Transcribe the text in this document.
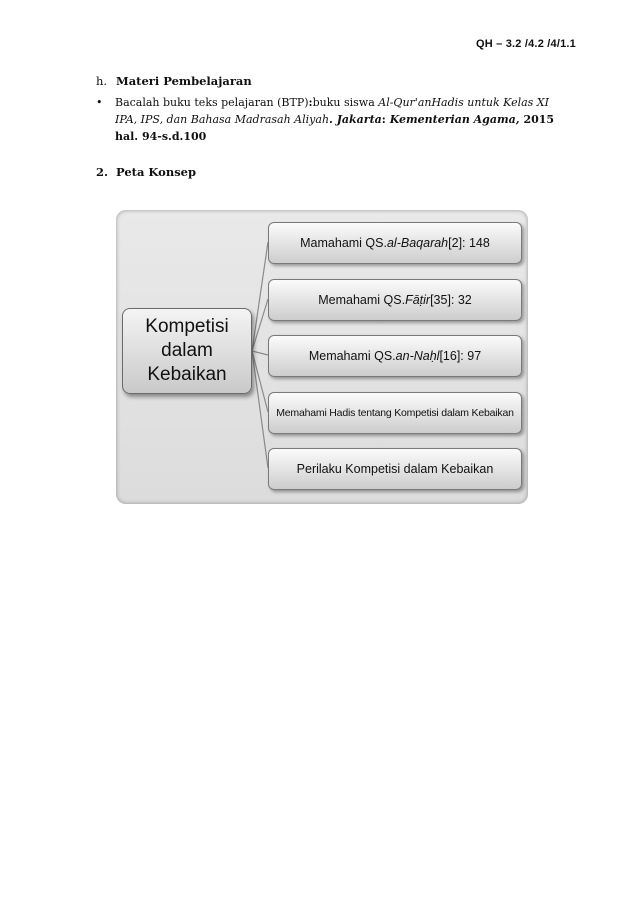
QH – 3.2 /4.2 /4/1.1
h. Materi Pembelajaran
• Bacalah buku teks pelajaran (BTP):buku siswa Al-Qur'anHadis untuk Kelas XI IPA, IPS, dan Bahasa Madrasah Aliyah. Jakarta: Kementerian Agama, 2015 hal. 94-s.d.100
2. Peta Konsep
Kompetisi dalam Kebaikan
Mamahami QS. al-Baqarah [2]: 148
Memahami QS. Fāṭir [35]: 32
Memahami QS. an-Naḥl [16]: 97
Memahami Hadis tentang Kompetisi dalam Kebaikan
Perilaku Kompetisi dalam Kebaikan
